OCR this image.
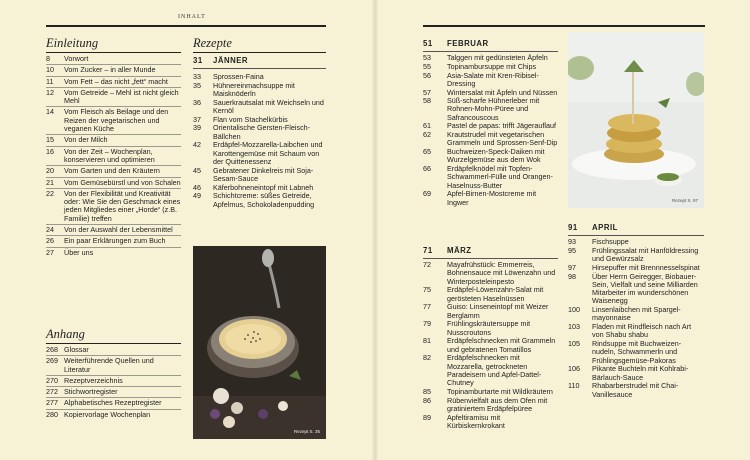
INHALT
Einleitung
8	Vorwort
10	Vom Zucker – in aller Munde
11	Vom Fett – das nicht „fett“ macht
12	Vom Getreide – Mehl ist nicht gleich Mehl
14	Vom Fleisch als Beilage und den Reizen der vegetarischen und veganen Küche
15	Von der Milch
16	Von der Zeit – Wochenplan, konservieren und optimieren
20	Vom Garten und den Kräutern
21	Vom Gemüsebürstl und von Schalen
22	Von der Flexibilität und Kreativität oder: Wie Sie den Geschmack eines jeden Mitgliedes einer „Horde“ (z.B. Familie) treffen
24	Von der Auswahl der Lebensmittel
26	Ein paar Erklärungen zum Buch
27	Über uns
Anhang
268 Glossar
269 Weiterführende Quellen und Literatur
270 Rezeptverzeichnis
272 Stichwortregister
277 Alphabetisches Rezeptregister
280 Kopiervorlage Wochenplan
Rezepte
31	JÄNNER
33	Sprossen-Faina
35	Hühnereinmachsuppe mit Maisknöderln
36	Sauerkrautsalat mit Weichseln und Kernöl
37	Flan vom Stachelkürbis
39	Orientalische Gersten-Fleisch-Bällchen
42	Erdäpfel-Mozzarella-Laibchen und Karottengemüse mit Schaum von der Quittenessenz
45	Gebratener Dinkelreis mit Soja-Sesam-Sauce
46	Käferbohneneintopf mit Labneh
49	Schichtcreme: süßes Getreide, Apfelmus, Schokoladenpudding
Rezept S. 35
51	FEBRUAR
53	Talggen mit gedünsteten Äpfeln
55	Topinambursuppe mit Chips
56	Asia-Salate mit Kren-Ribisel-Dressing
57	Wintersalat mit Äpfeln und Nüssen
58	Süß-scharfe Hühnerleber mit Rohnen-Mohn-Püree und Safrancouscous
61	Pastel de papas: trifft Jägerauflauf
62	Krautstrudel mit vegetarischen Grammeln und Sprossen-Senf-Dip
65	Buchweizen-Speck-Daiken mit Wurzelgemüse aus dem Wok
66	Erdäpfelknödel mit Topfen-Schwammerl-Fülle und Orangen-Haselnuss-Butter
69	Apfel-Birnen-Mostcreme mit Ingwer	Rezept S. 97
71	MÄRZ
72	Mayafrühstück: Emmerreis, Bohnensauce mit Löwenzahn und Winterposteleinpesto
75	Erdäpfel-Löwenzahn-Salat mit gerösteten Haselnüssen
77	Guiso: Linseneintopf mit Weizer Berglamm
79	Frühlingskräutersuppe mit Nusscroutons
81	Erdäpfelschnecken mit Grammeln und gebratenen Tomatillos
82	Erdäpfelschnecken mit Mozzarella, getrockneten Paradeisern und Apfel-Dattel-Chutney
85	Topinamburtarte mit Wildkräutern
86	Rübenvielfalt aus dem Ofen mit gratiniertem Erdäpfelpüree
89	Apfeltiramisu mit Kürbiskernkrokant
91	APRIL
93	Fischsuppe
95	Frühlingssalat mit Hanföldressing und Gewürzsalz
97	Hirsepuffer mit Brennnesselspinat
98	Über Herrn Geiregger, Biobauer-Sein, Vielfalt und seine Milliarden Mitarbeiter im wunderschönen Waisenegg
100	Linsenlaibchen mit Spargel-mayonnaise
103	Fladen mit Rindfleisch nach Art von Shabu shabu
105	Rindsuppe mit Buchweizen-nudeln, Schwammerln und Frühlingsgemüse-Pakoras
106	Pikante Buchteln mit Kohlrabi-Bärlauch-Sauce
110	Rhabarberstrudel mit Chai-Vanillesauce
